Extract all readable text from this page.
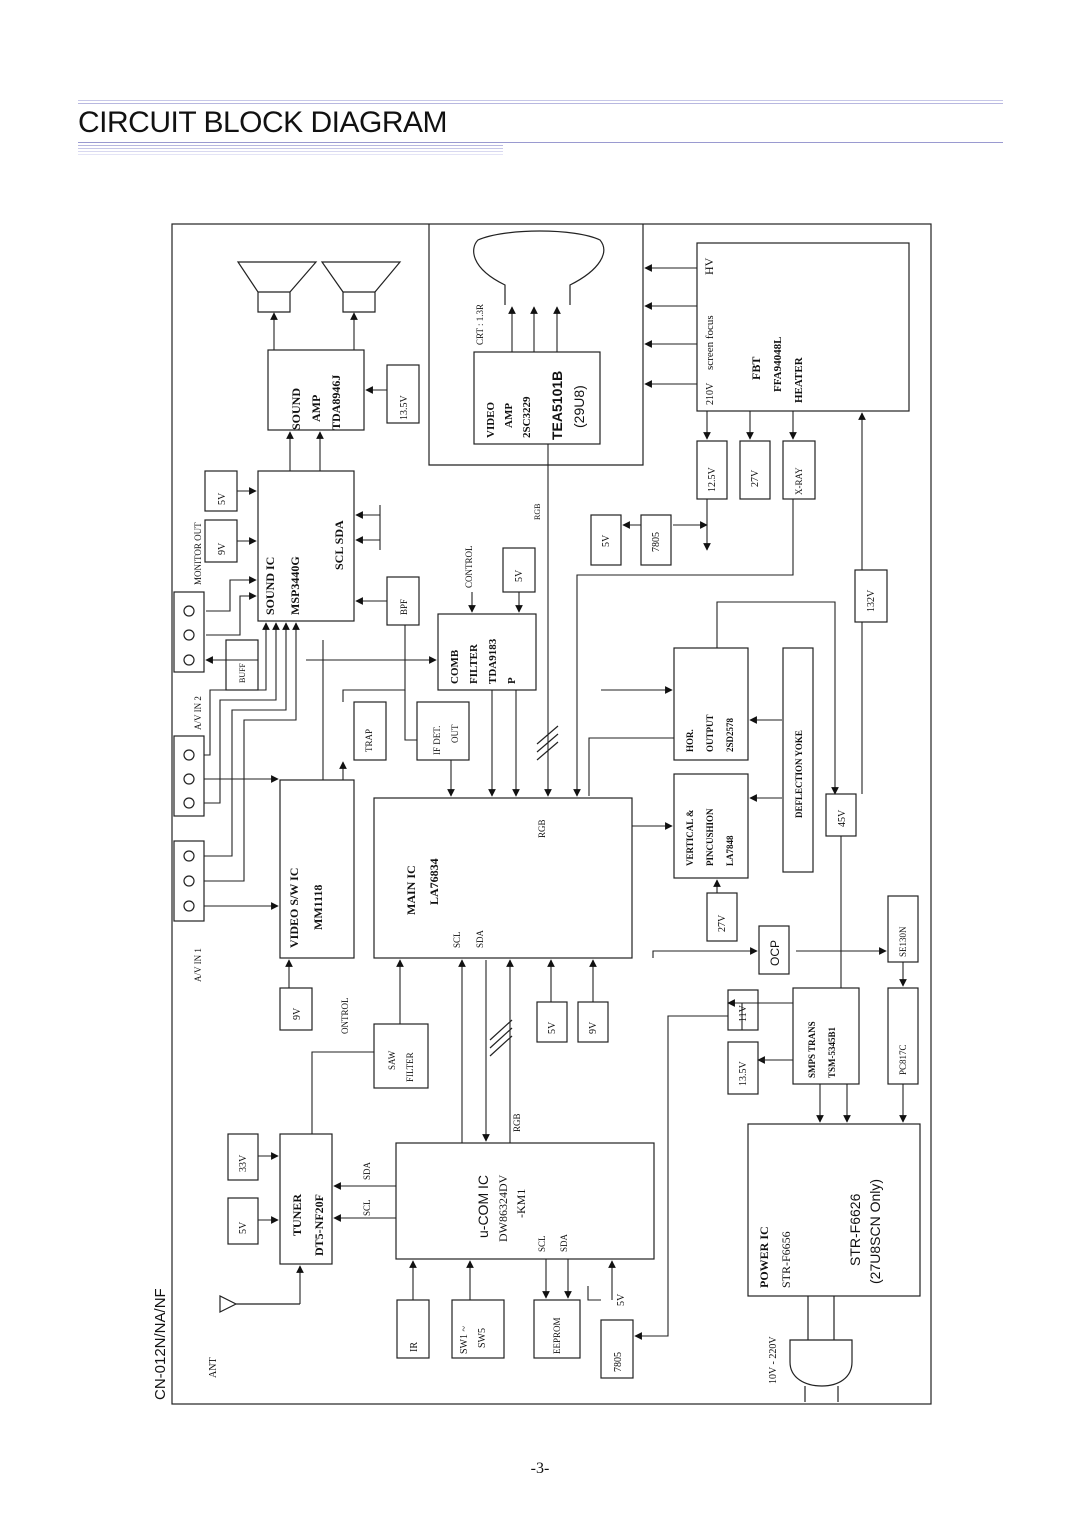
CIRCUIT BLOCK DIAGRAM
SOUND AMP TDA8946J	13.5V
SOUND IC MSP3440G
SCL SDA
5V
9V
MONITOR OUT
BPF
BUFF
A/V IN 2
A/V IN 1
VIDEO AMP 2SC3229 TEA5101B (29U8)
CRT : 1.3R
RGB
210V
screen focus
HV
FBT FFA94048L HEATER
12.5V	27V	X-RAY
5V	7805
132V
CONTROL	5V
COMB FILTER TDA9183 P
TRAP	IF DET. OUT
VIDEO S/W IC MM1118	MAIN IC LA76834
SCL SDA
RGB
HOR. OUTPUT 2SD2578
VERTICAL & PINCUSHION LA7848
DEFLECTION YOKE
45V
27V
OCP	SE130N
SMPS TRANS TSM-5345B1	PC817C
11V
13.5V
9V	ONTROL	5V	9V
SAW FILTER
RGB
TUNER DT5-NF20F
33V
5V
SDA
SCL	u-COM IC DW86324DV -KM1
SCL SDA
5V
POWER IC STR-F6656	STR-F6626 (27U8SCN Only)
IR	SW1 ~ SW5	EEPROM
7805
ANT	10V - 220V
CN-012N/NA/NF
-3-
